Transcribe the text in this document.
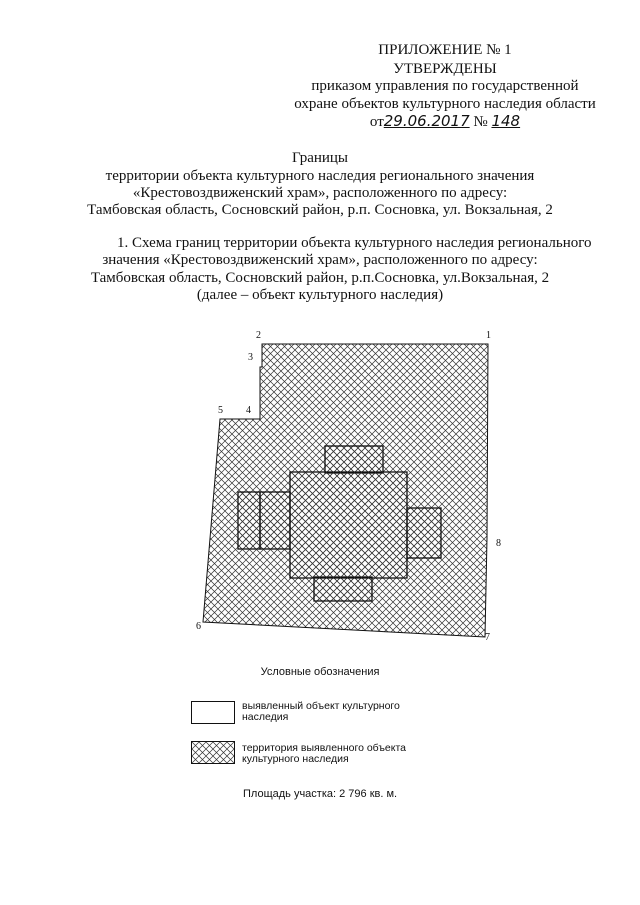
ПРИЛОЖЕНИЕ № 1
УТВЕРЖДЕНЫ
приказом управления по государственной
охране объектов культурного наследия области
от29.06.2017 № 148
Границы
территории объекта культурного наследия регионального значения
«Крестовоздвиженский храм», расположенного по адресу:
Тамбовская область, Сосновский район, р.п. Сосновка, ул. Вокзальная, 2
1. Схема границ территории объекта культурного наследия регионального
значения «Крестовоздвиженский храм», расположенного по адресу:
Тамбовская область, Сосновский район, р.п.Сосновка, ул.Вокзальная, 2
(далее – объект культурного наследия)
1
2
3
4
5
6
7
8
Условные обозначения
выявленный объект культурного наследия
территория выявленного объекта культурного наследия
Площадь участка: 2 796 кв. м.
